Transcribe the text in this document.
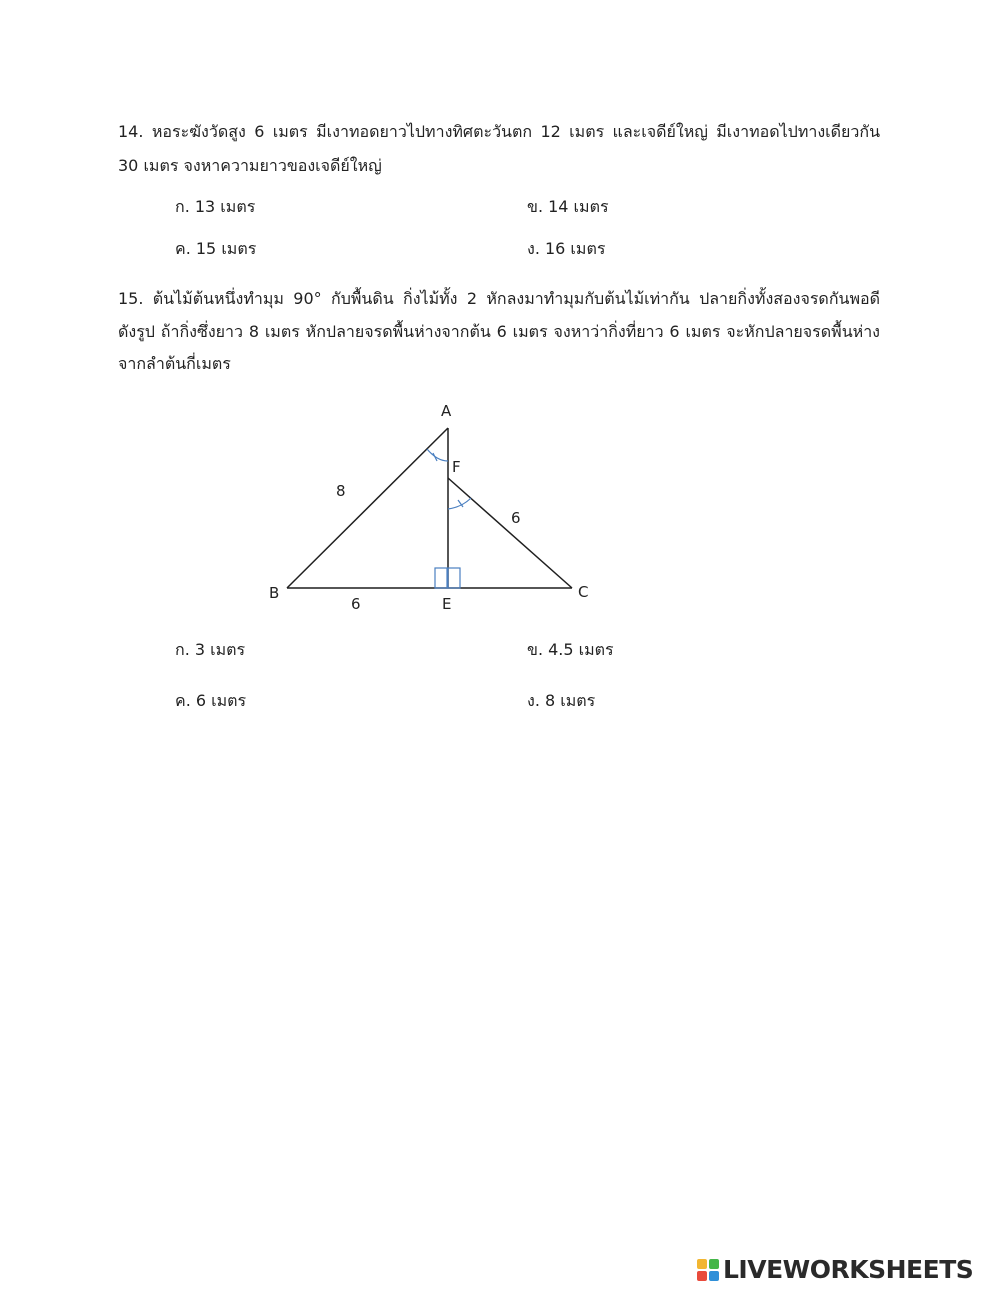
14. หอระฆังวัดสูง 6 เมตร มีเงาทอดยาวไปทางทิศตะวันตก 12 เมตร และเจดีย์ใหญ่ มีเงาทอดไปทางเดียวกัน
30 เมตร จงหาความยาวของเจดีย์ใหญ่
ก. 13 เมตร	ข. 14 เมตร
ค. 15 เมตร	ง. 16 เมตร
15. ต้นไม้ต้นหนึ่งทำมุม 90° กับพื้นดิน กิ่งไม้ทั้ง 2 หักลงมาทำมุมกับต้นไม้เท่ากัน ปลายกิ่งทั้งสองจรดกันพอดี
ดังรูป ถ้ากิ่งซึ่งยาว 8 เมตร หักปลายจรดพื้นห่างจากต้น 6 เมตร จงหาว่ากิ่งที่ยาว 6 เมตร จะหักปลายจรดพื้นห่าง
จากลำต้นกี่เมตร
A
F
B
E
C
8
6
6
ก. 3 เมตร	ข. 4.5 เมตร
ค. 6 เมตร	ง. 8 เมตร
LIVEWORKSHEETS
